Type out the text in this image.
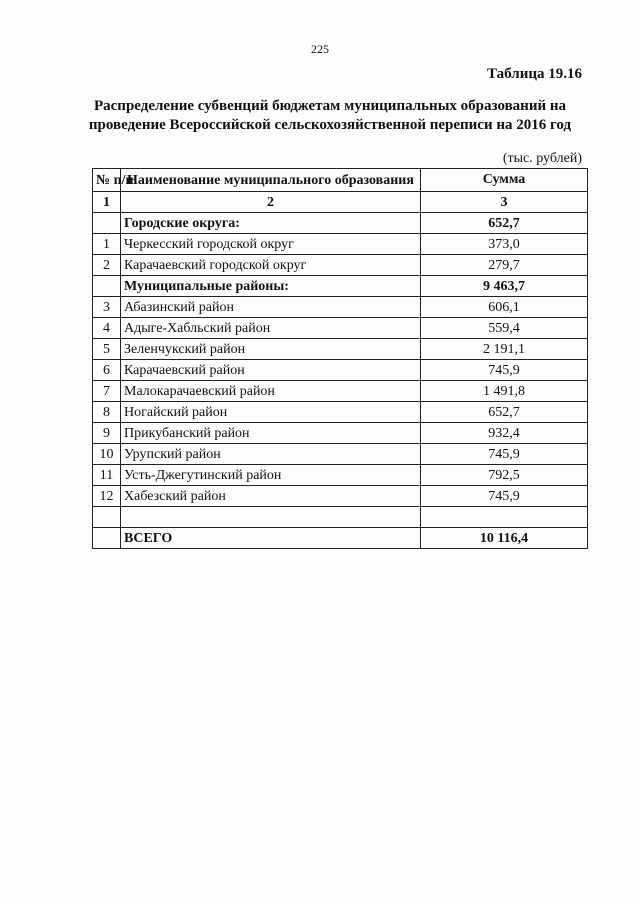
225
Таблица 19.16
Распределение субвенций бюджетам муниципальных образований на
проведение Всероссийской сельскохозяйственной переписи на 2016 год
(тыс. рублей)
№ п/п	Наименование муниципального образования	Сумма
1	2	3
	Городские округа:	652,7
1	Черкесский городской округ	373,0
2	Карачаевский городской округ	279,7
	Муниципальные районы:	9 463,7
3	Абазинский район	606,1
4	Адыге-Хабльский район	559,4
5	Зеленчукский район	2 191,1
6	Карачаевский район	745,9
7	Малокарачаевский район	1 491,8
8	Ногайский район	652,7
9	Прикубанский район	932,4
10	Урупский район	745,9
11	Усть-Джегутинский район	792,5
12	Хабезский район	745,9

	ВСЕГО	10 116,4
